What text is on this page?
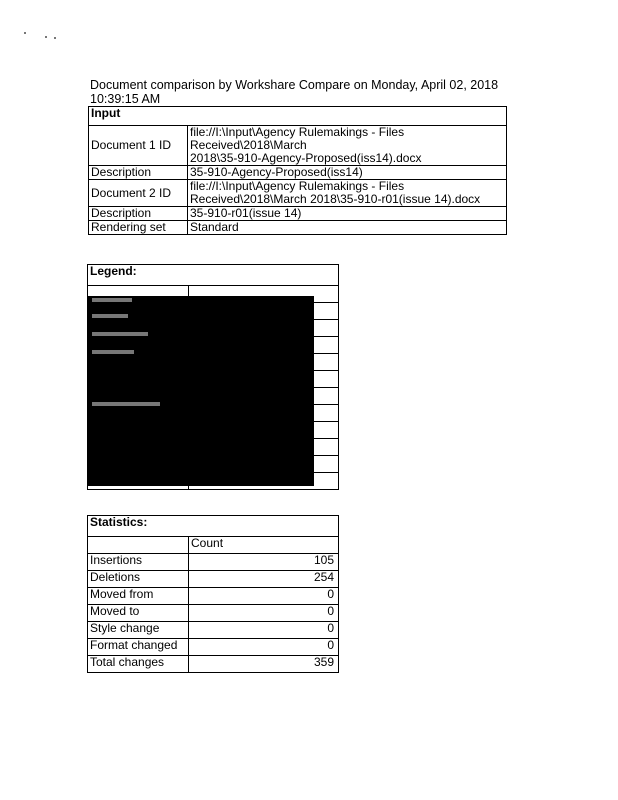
Document comparison by Workshare Compare on Monday, April 02, 2018
10:39:15 AM
Input	
Document 1 ID	file://I:\Input\Agency Rulemakings - Files
Received\2018\March
2018\35-910-Agency-Proposed(iss14).docx

Description	35-910-Agency-Proposed(iss14)

Document 2 ID	file://I:\Input\Agency Rulemakings - Files
Received\2018\March 2018\35-910-r01(issue 14).docx

Description	35-910-r01(issue 14)

Rendering set	Standard
Legend:	

Statistics:	
	Count
Insertions	105
Deletions	254
Moved from	0
Moved to	0
Style change	0
Format changed	0
Total changes	359
